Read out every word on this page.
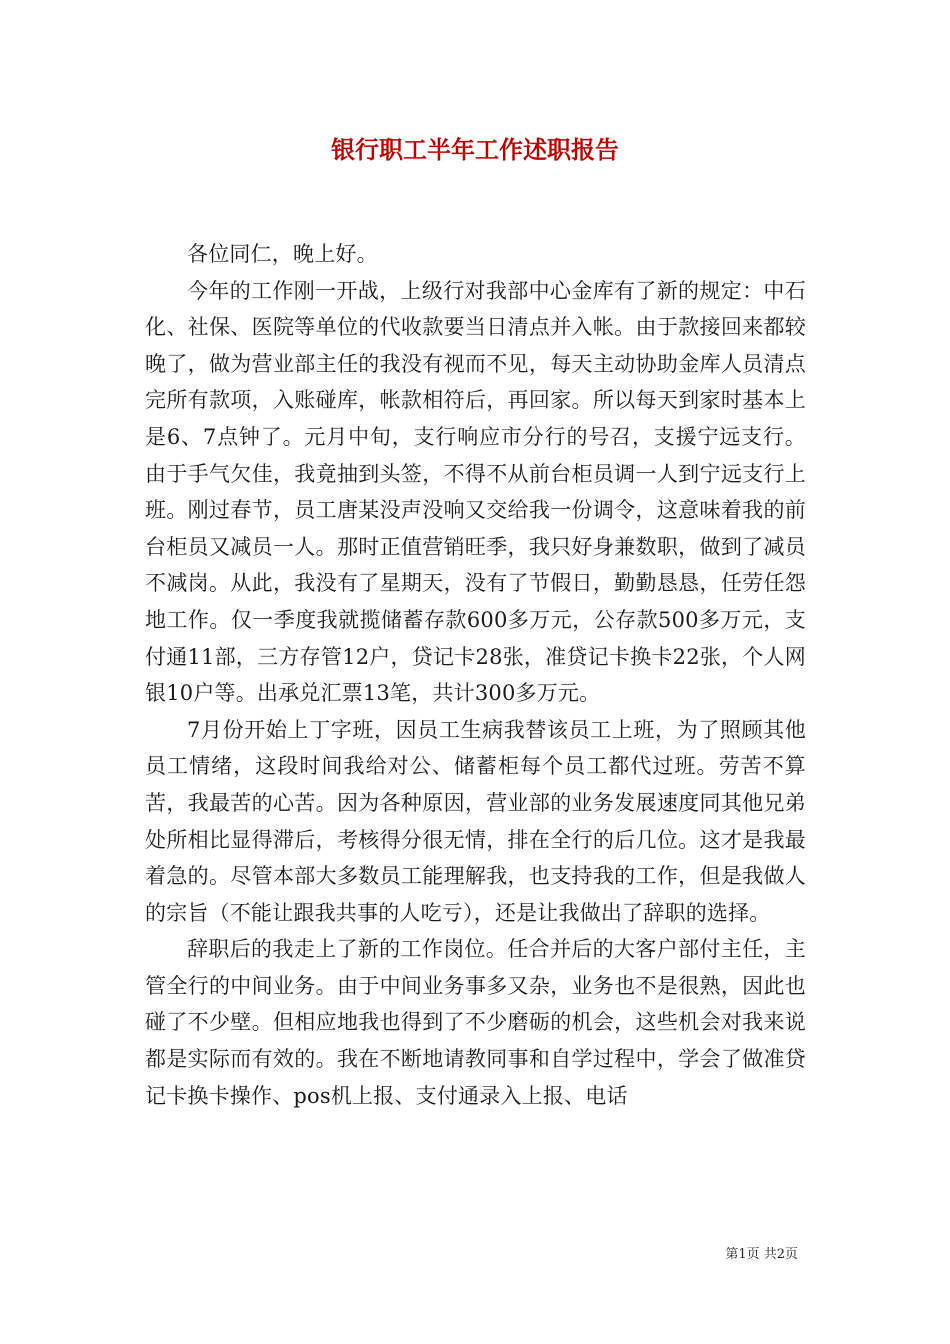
银行职工半年工作述职报告

各位同仁，晚上好。

今年的工作刚一开战，上级行对我部中心金库有了新的规定：中石化、社保、医院等单位的代收款要当日清点并入帐。由于款接回来都较晚了，做为营业部主任的我没有视而不见，每天主动协助金库人员清点完所有款项，入账碰库，帐款相符后，再回家。所以每天到家时基本上是6、7点钟了。元月中旬，支行响应市分行的号召，支援宁远支行。由于手气欠佳，我竟抽到头签，不得不从前台柜员调一人到宁远支行上班。刚过春节，员工唐某没声没响又交给我一份调令，这意味着我的前台柜员又减员一人。那时正值营销旺季，我只好身兼数职，做到了减员不减岗。从此，我没有了星期天，没有了节假日，勤勤恳恳，任劳任怨地工作。仅一季度我就揽储蓄存款600多万元，公存款500多万元，支付通11部，三方存管12户，贷记卡28张，准贷记卡换卡22张，个人网银10户等。出承兑汇票13笔，共计300多万元。

7月份开始上丁字班，因员工生病我替该员工上班，为了照顾其他员工情绪，这段时间我给对公、储蓄柜每个员工都代过班。劳苦不算苦，我最苦的心苦。因为各种原因，营业部的业务发展速度同其他兄弟处所相比显得滞后，考核得分很无情，排在全行的后几位。这才是我最着急的。尽管本部大多数员工能理解我，也支持我的工作，但是我做人的宗旨（不能让跟我共事的人吃亏），还是让我做出了辞职的选择。

辞职后的我走上了新的工作岗位。任合并后的大客户部付主任，主管全行的中间业务。由于中间业务事多又杂，业务也不是很熟，因此也碰了不少壁。但相应地我也得到了不少磨砺的机会，这些机会对我来说都是实际而有效的。我在不断地请教同事和自学过程中，学会了做准贷记卡换卡操作、pos机上报、支付通录入上报、电话

第1页 共2页
